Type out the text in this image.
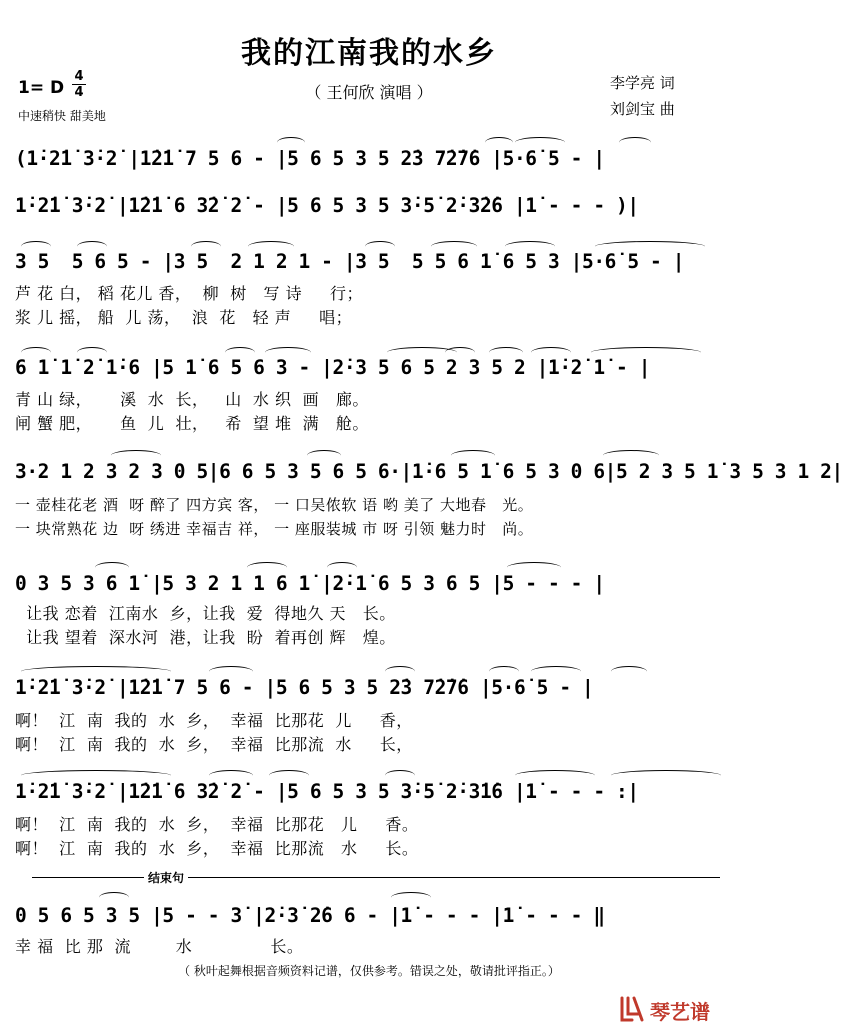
我的江南我的水乡
（ 王何欣 演唱 ）
1= D
4
4
中速稍快 甜美地
李学亮 词
刘剑宝 曲
(1̇·2̇1̇ 3̇·2̇ |1̇2̇1̇ 7 5 6 - |5 6 5 3 5 2̇3 7̇2̇7̇6 |5·6̇ 5 - |
1̇·2̇1̇ 3̇·2̇ |1̇2̇1̇ 6 3̇2̇ 2̇ - |5 6 5 3 5 3̇·5̇ 2̇·3̇2̇6 |1̇ - - - )|
3 5  5 6 5 - |3 5  2 1 2 1 - |3 5  5 5 6 1̇ 6 5 3 |5·6̇ 5 - |
芦 花 白， 稻 花儿 香，  柳  树   写 诗     行；
浆 儿 摇， 船  儿 荡，  浪  花   轻 声     唱；
6 1̇ 1̇ 2̇ 1̇·6 |5 1̇ 6 5 6 3 - |2̇·3 5 6 5 2 3 5 2 |1̇·2̇ 1̇ - |
青 山 绿，     溪  水  长，   山  水 织  画   廊。
闸 蟹 肥，     鱼  儿  壮，   希  望 堆  满   舱。
3·2 1 2 3 2 3 0 5|6 6 5 3 5 6 5 6·|1̇·6 5 1̇ 6 5 3 0 6|5 2 3 5 1̇ 3 5 3 1 2|
一 壶桂花老 酒  呀 醉了 四方宾 客， 一 口吴侬软 语 哟 美了 大地春   光。
一 块常熟花 边  呀 绣进 幸福吉 祥， 一 座服装城 市 呀 引领 魅力时   尚。
0 3 5 3 6 1̇ |5 3 2 1 1 6 1̇ |2̇·1̇ 6 5 3 6 5 |5 - - - |
让我 恋着  江南水  乡，让我  爱  得地久 天   长。
让我 望着  深水河  港，让我  盼  着再创 辉   煌。
1̇·2̇1̇ 3̇·2̇ |1̇2̇1̇ 7 5 6 - |5 6 5 3 5 2̇3 7̇2̇7̇6 |5·6̇ 5 - |
啊！  江  南  我的  水  乡，  幸福  比那花  儿     香，
啊！  江  南  我的  水  乡，  幸福  比那流  水     长，
1̇·2̇1̇ 3̇·2̇ |1̇2̇1̇ 6 3̇2̇ 2̇ - |5 6 5 3 5 3̇·5̇ 2̇·3̇1̇6 |1̇ - - - :|
啊！  江  南  我的  水  乡，  幸福  比那花   儿     香。
啊！  江  南  我的  水  乡，  幸福  比那流   水     长。
结束句
0 5 6 5 3 5 |5 - - 3̇ |2̇·3̇ 2̇6 6 - |1̇ - - - |1̇ - - - ‖
幸 福  比 那  流        水              长。
（ 秋叶起舞根据音频资料记谱，仅供参考。错误之处，敬请批评指正。）
琴艺谱
